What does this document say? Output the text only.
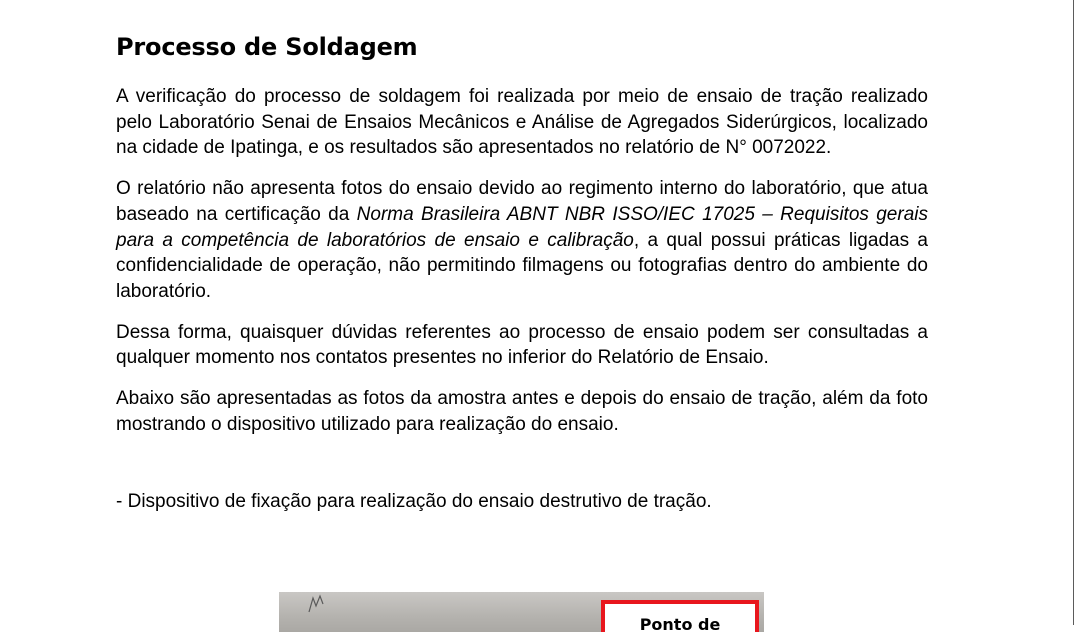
Processo de Soldagem

A verificação do processo de soldagem foi realizada por meio de ensaio de tração realizado pelo Laboratório Senai de Ensaios Mecânicos e Análise de Agregados Siderúrgicos, localizado na cidade de Ipatinga, e os resultados são apresentados no relatório de N° 0072022.

O relatório não apresenta fotos do ensaio devido ao regimento interno do laboratório, que atua baseado na certificação da Norma Brasileira ABNT NBR ISSO/IEC 17025 – Requisitos gerais para a competência de laboratórios de ensaio e calibração, a qual possui práticas ligadas a confidencialidade de operação, não permitindo filmagens ou fotografias dentro do ambiente do laboratório.

Dessa forma, quaisquer dúvidas referentes ao processo de ensaio podem ser consultadas a qualquer momento nos contatos presentes no inferior do Relatório de Ensaio.

Abaixo são apresentadas as fotos da amostra antes e depois do ensaio de tração, além da foto mostrando o dispositivo utilizado para realização do ensaio.

- Dispositivo de fixação para realização do ensaio destrutivo de tração.

Ponto de
